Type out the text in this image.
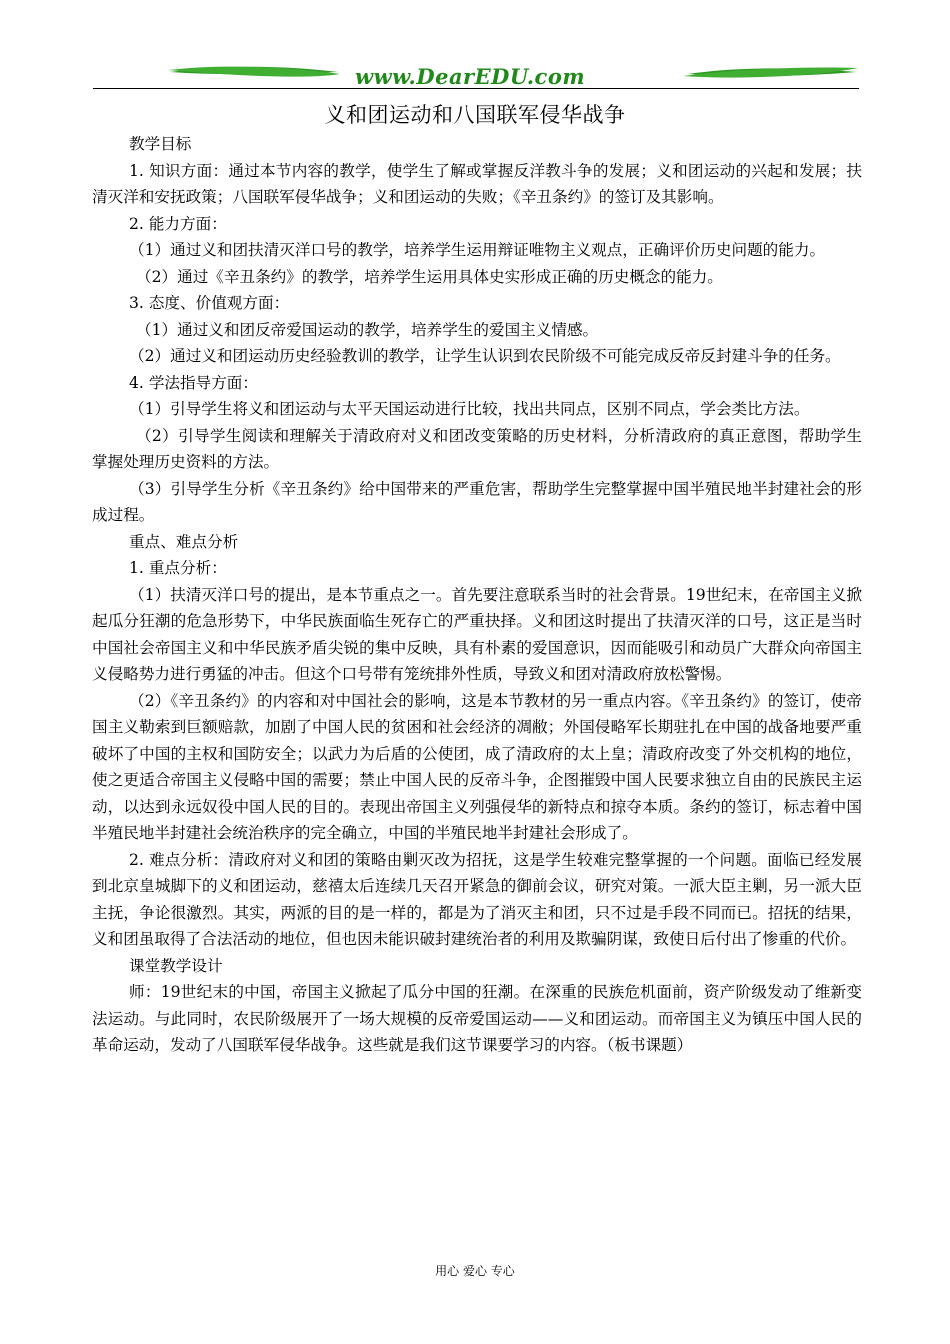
www.DearEDU.com
义和团运动和八国联军侵华战争

教学目标

1. 知识方面：通过本节内容的教学，使学生了解或掌握反洋教斗争的发展；义和团运动的兴起和发展；扶清灭洋和安抚政策；八国联军侵华战争；义和团运动的失败；《辛丑条约》的签订及其影响。

2. 能力方面：

（1）通过义和团扶清灭洋口号的教学，培养学生运用辩证唯物主义观点，正确评价历史问题的能力。

（2）通过《辛丑条约》的教学，培养学生运用具体史实形成正确的历史概念的能力。

3. 态度、价值观方面：

（1）通过义和团反帝爱国运动的教学，培养学生的爱国主义情感。

（2）通过义和团运动历史经验教训的教学，让学生认识到农民阶级不可能完成反帝反封建斗争的任务。

4. 学法指导方面：

（1）引导学生将义和团运动与太平天国运动进行比较，找出共同点，区别不同点，学会类比方法。

（2）引导学生阅读和理解关于清政府对义和团改变策略的历史材料，分析清政府的真正意图，帮助学生掌握处理历史资料的方法。

（3）引导学生分析《辛丑条约》给中国带来的严重危害，帮助学生完整掌握中国半殖民地半封建社会的形成过程。

重点、难点分析

1. 重点分析：

（1）扶清灭洋口号的提出，是本节重点之一。首先要注意联系当时的社会背景。19世纪末，在帝国主义掀起瓜分狂潮的危急形势下，中华民族面临生死存亡的严重抉择。义和团这时提出了扶清灭洋的口号，这正是当时中国社会帝国主义和中华民族矛盾尖锐的集中反映，具有朴素的爱国意识，因而能吸引和动员广大群众向帝国主义侵略势力进行勇猛的冲击。但这个口号带有笼统排外性质，导致义和团对清政府放松警惕。

（2）《辛丑条约》的内容和对中国社会的影响，这是本节教材的另一重点内容。《辛丑条约》的签订，使帝国主义勒索到巨额赔款，加剧了中国人民的贫困和社会经济的凋敝；外国侵略军长期驻扎在中国的战备地要严重破坏了中国的主权和国防安全；以武力为后盾的公使团，成了清政府的太上皇；清政府改变了外交机构的地位，使之更适合帝国主义侵略中国的需要；禁止中国人民的反帝斗争，企图摧毁中国人民要求独立自由的民族民主运动，以达到永远奴役中国人民的目的。表现出帝国主义列强侵华的新特点和掠夺本质。条约的签订，标志着中国半殖民地半封建社会统治秩序的完全确立，中国的半殖民地半封建社会形成了。

2. 难点分析：清政府对义和团的策略由剿灭改为招抚，这是学生较难完整掌握的一个问题。面临已经发展到北京皇城脚下的义和团运动，慈禧太后连续几天召开紧急的御前会议，研究对策。一派大臣主剿，另一派大臣主抚，争论很激烈。其实，两派的目的是一样的，都是为了消灭主和团，只不过是手段不同而已。招抚的结果，义和团虽取得了合法活动的地位，但也因未能识破封建统治者的利用及欺骗阴谋，致使日后付出了惨重的代价。

课堂教学设计

师：19世纪末的中国，帝国主义掀起了瓜分中国的狂潮。在深重的民族危机面前，资产阶级发动了维新变法运动。与此同时，农民阶级展开了一场大规模的反帝爱国运动——义和团运动。而帝国主义为镇压中国人民的革命运动，发动了八国联军侵华战争。这些就是我们这节课要学习的内容。（板书课题）

用心 爱心 专心
